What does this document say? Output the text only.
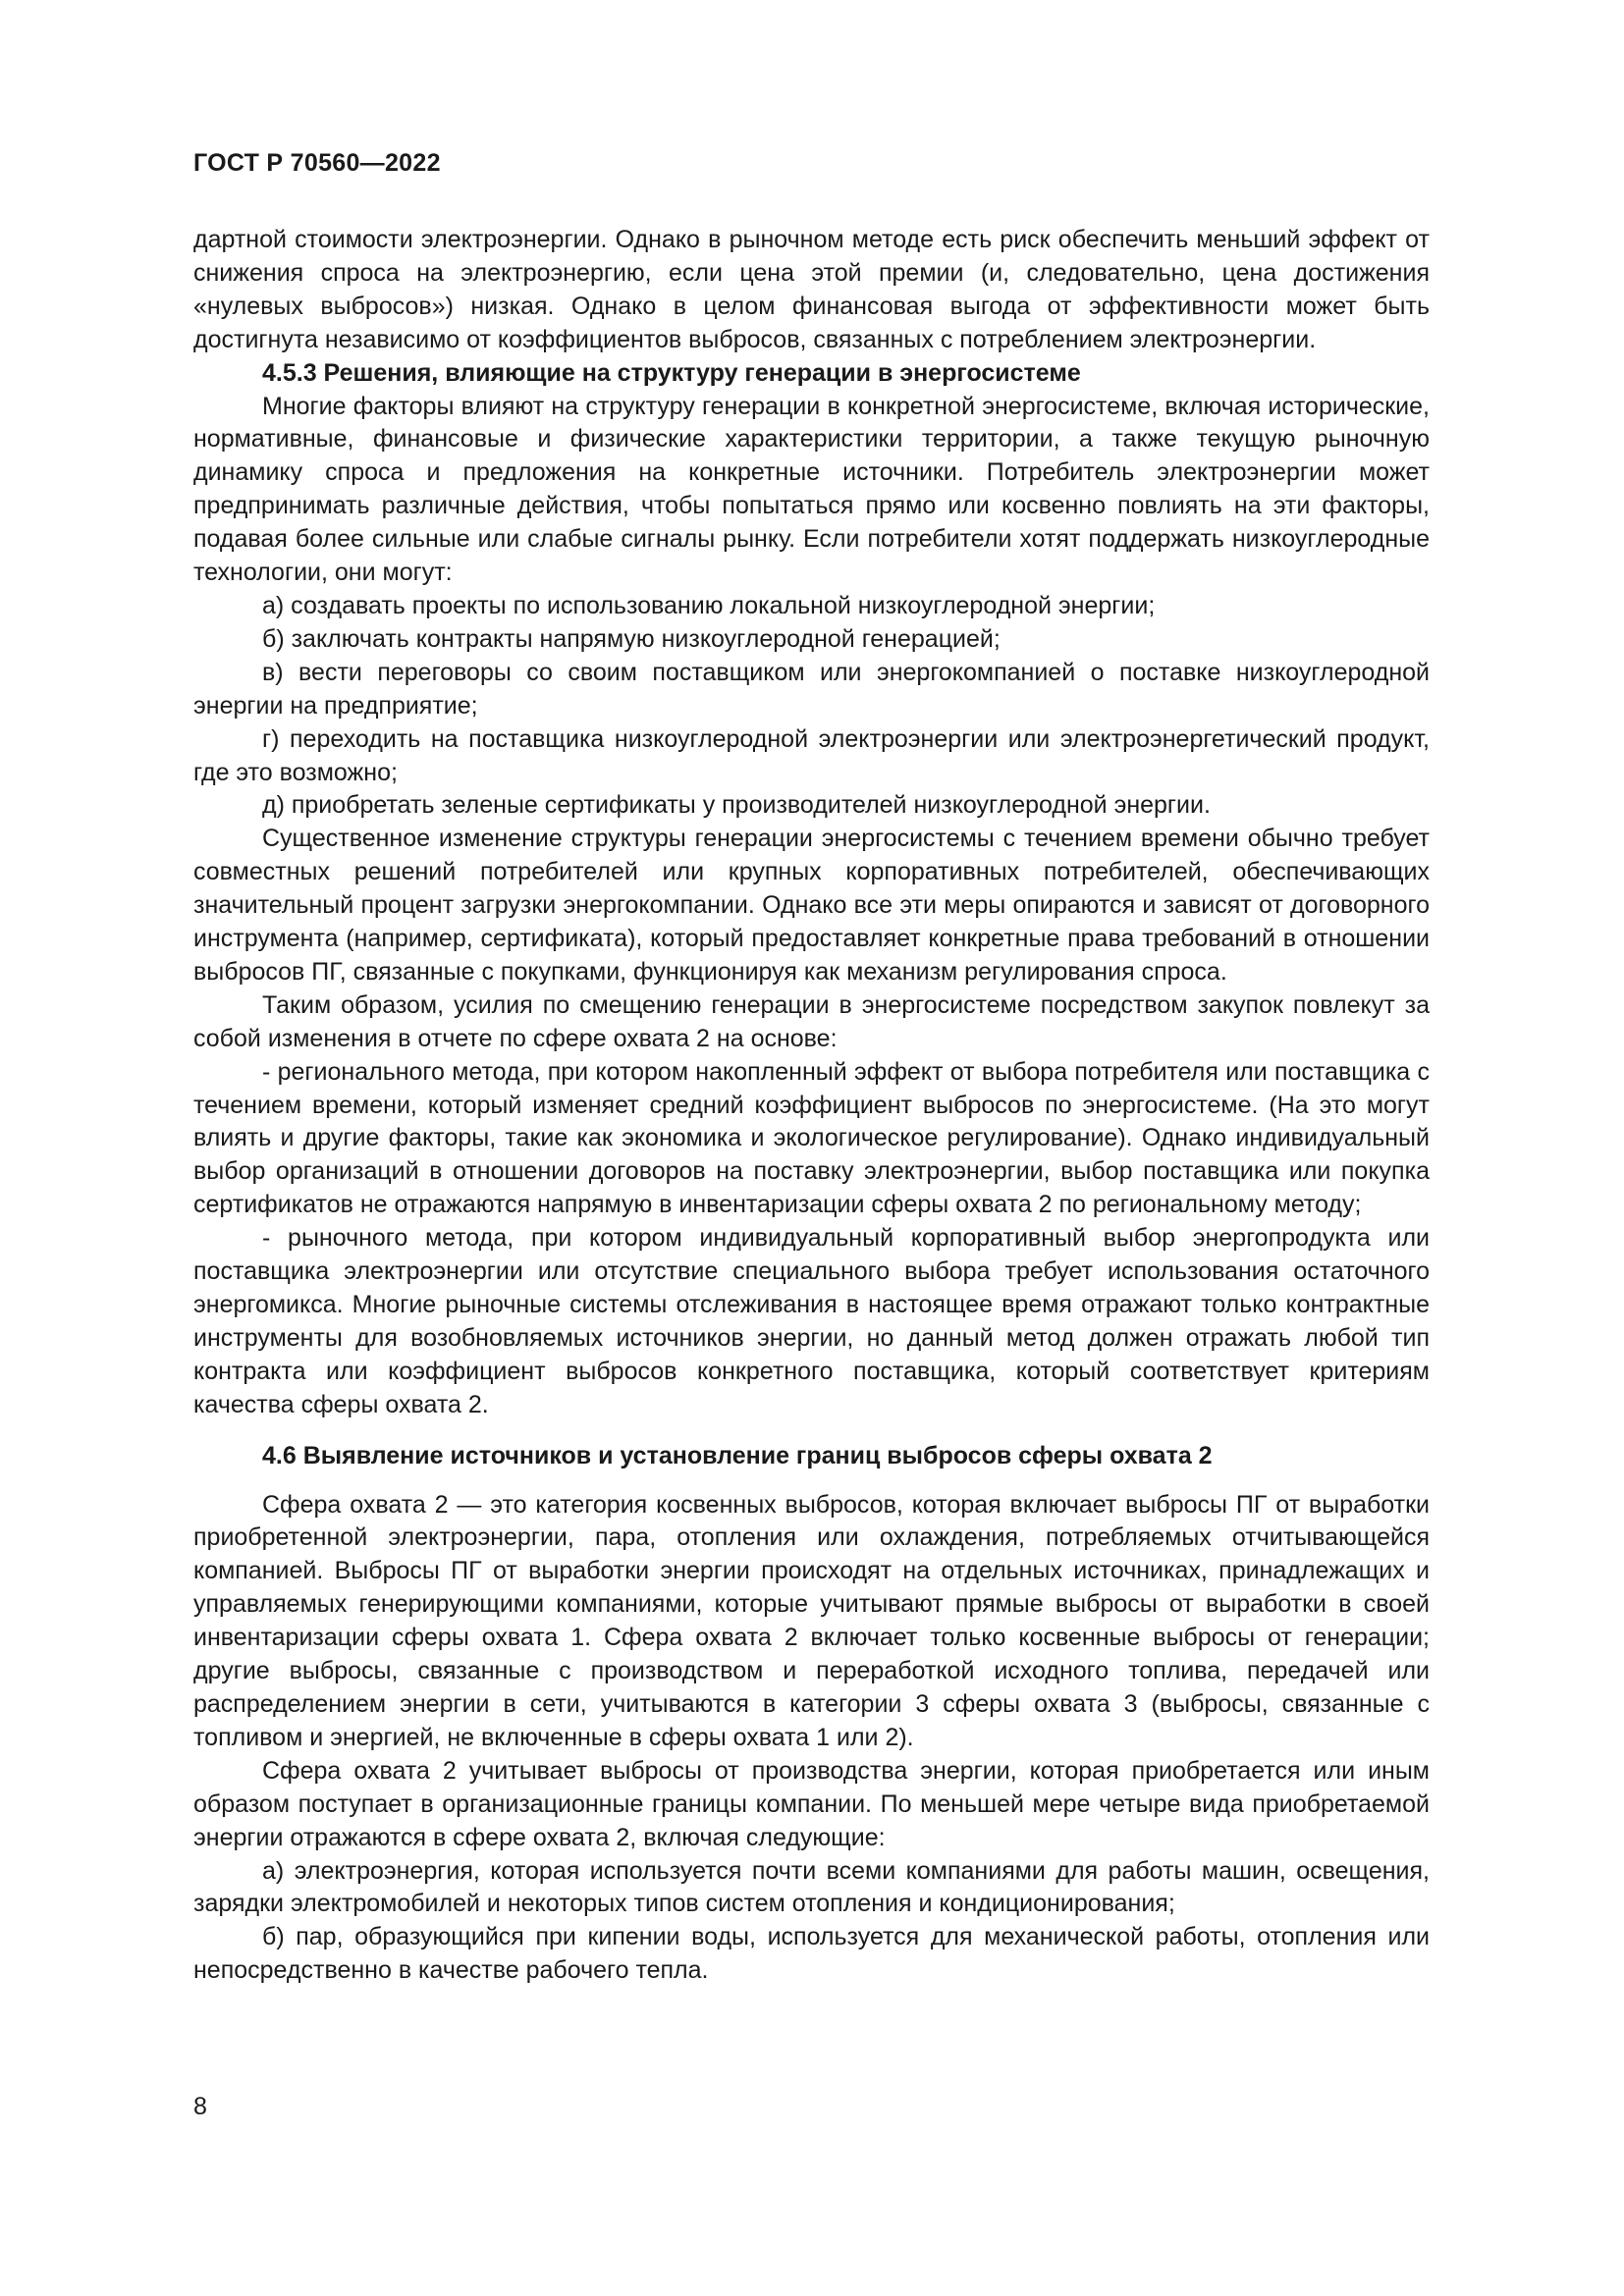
ГОСТ Р 70560—2022

дартной стоимости электроэнергии. Однако в рыночном методе есть риск обеспечить меньший эффект от снижения спроса на электроэнергию, если цена этой премии (и, следовательно, цена достижения «нулевых выбросов») низкая. Однако в целом финансовая выгода от эффективности может быть достигнута независимо от коэффициентов выбросов, связанных с потреблением электроэнергии.

4.5.3 Решения, влияющие на структуру генерации в энергосистеме

Многие факторы влияют на структуру генерации в конкретной энергосистеме, включая исторические, нормативные, финансовые и физические характеристики территории, а также текущую рыночную динамику спроса и предложения на конкретные источники. Потребитель электроэнергии может предпринимать различные действия, чтобы попытаться прямо или косвенно повлиять на эти факторы, подавая более сильные или слабые сигналы рынку. Если потребители хотят поддержать низкоуглеродные технологии, они могут:

а) создавать проекты по использованию локальной низкоуглеродной энергии;

б) заключать контракты напрямую низкоуглеродной генерацией;

в) вести переговоры со своим поставщиком или энергокомпанией о поставке низкоуглеродной энергии на предприятие;

г) переходить на поставщика низкоуглеродной электроэнергии или электроэнергетический продукт, где это возможно;

д) приобретать зеленые сертификаты у производителей низкоуглеродной энергии.

Существенное изменение структуры генерации энергосистемы с течением времени обычно требует совместных решений потребителей или крупных корпоративных потребителей, обеспечивающих значительный процент загрузки энергокомпании. Однако все эти меры опираются и зависят от договорного инструмента (например, сертификата), который предоставляет конкретные права требований в отношении выбросов ПГ, связанные с покупками, функционируя как механизм регулирования спроса.

Таким образом, усилия по смещению генерации в энергосистеме посредством закупок повлекут за собой изменения в отчете по сфере охвата 2 на основе:

- регионального метода, при котором накопленный эффект от выбора потребителя или поставщика с течением времени, который изменяет средний коэффициент выбросов по энергосистеме. (На это могут влиять и другие факторы, такие как экономика и экологическое регулирование). Однако индивидуальный выбор организаций в отношении договоров на поставку электроэнергии, выбор поставщика или покупка сертификатов не отражаются напрямую в инвентаризации сферы охвата 2 по региональному методу;

- рыночного метода, при котором индивидуальный корпоративный выбор энергопродукта или поставщика электроэнергии или отсутствие специального выбора требует использования остаточного энергомикса. Многие рыночные системы отслеживания в настоящее время отражают только контрактные инструменты для возобновляемых источников энергии, но данный метод должен отражать любой тип контракта или коэффициент выбросов конкретного поставщика, который соответствует критериям качества сферы охвата 2.

4.6 Выявление источников и установление границ выбросов сферы охвата 2

Сфера охвата 2 — это категория косвенных выбросов, которая включает выбросы ПГ от выработки приобретенной электроэнергии, пара, отопления или охлаждения, потребляемых отчитывающейся компанией. Выбросы ПГ от выработки энергии происходят на отдельных источниках, принадлежащих и управляемых генерирующими компаниями, которые учитывают прямые выбросы от выработки в своей инвентаризации сферы охвата 1. Сфера охвата 2 включает только косвенные выбросы от генерации; другие выбросы, связанные с производством и переработкой исходного топлива, передачей или распределением энергии в сети, учитываются в категории 3 сферы охвата 3 (выбросы, связанные с топливом и энергией, не включенные в сферы охвата 1 или 2).

Сфера охвата 2 учитывает выбросы от производства энергии, которая приобретается или иным образом поступает в организационные границы компании. По меньшей мере четыре вида приобретаемой энергии отражаются в сфере охвата 2, включая следующие:

а) электроэнергия, которая используется почти всеми компаниями для работы машин, освещения, зарядки электромобилей и некоторых типов систем отопления и кондиционирования;

б) пар, образующийся при кипении воды, используется для механической работы, отопления или непосредственно в качестве рабочего тепла.

8
